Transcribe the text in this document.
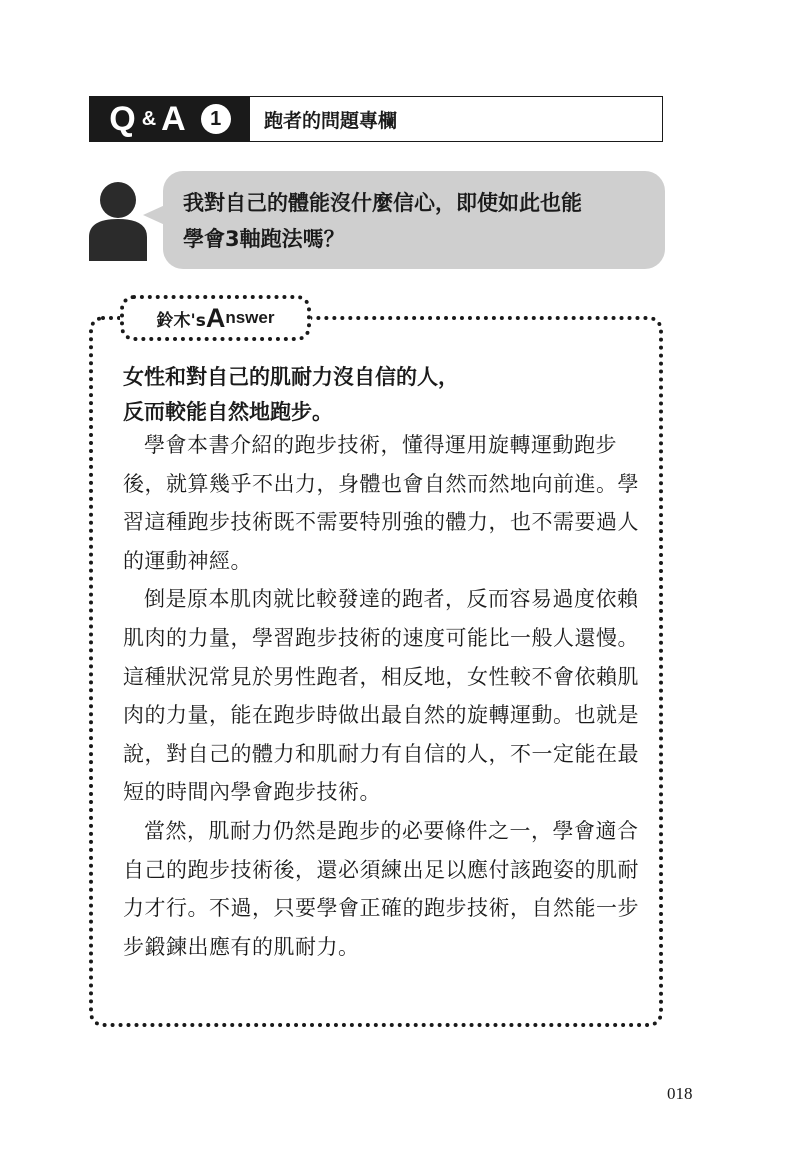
Q & A	1	跑者的問題專欄

我對自己的體能沒什麼信心，即使如此也能

學會3軸跑法嗎？

鈴木's A nswer
女性和對自己的肌耐力沒自信的人，
反而較能自然地跑步。

學會本書介紹的跑步技術，懂得運用旋轉運動跑步後，就算幾乎不出力，身體也會自然而然地向前進。學習這種跑步技術既不需要特別強的體力，也不需要過人的運動神經。

倒是原本肌肉就比較發達的跑者，反而容易過度依賴肌肉的力量，學習跑步技術的速度可能比一般人還慢。這種狀況常見於男性跑者，相反地，女性較不會依賴肌肉的力量，能在跑步時做出最自然的旋轉運動。也就是說，對自己的體力和肌耐力有自信的人，不一定能在最短的時間內學會跑步技術。

當然，肌耐力仍然是跑步的必要條件之一，學會適合自己的跑步技術後，還必須練出足以應付該跑姿的肌耐力才行。不過，只要學會正確的跑步技術，自然能一步步鍛鍊出應有的肌耐力。

018
